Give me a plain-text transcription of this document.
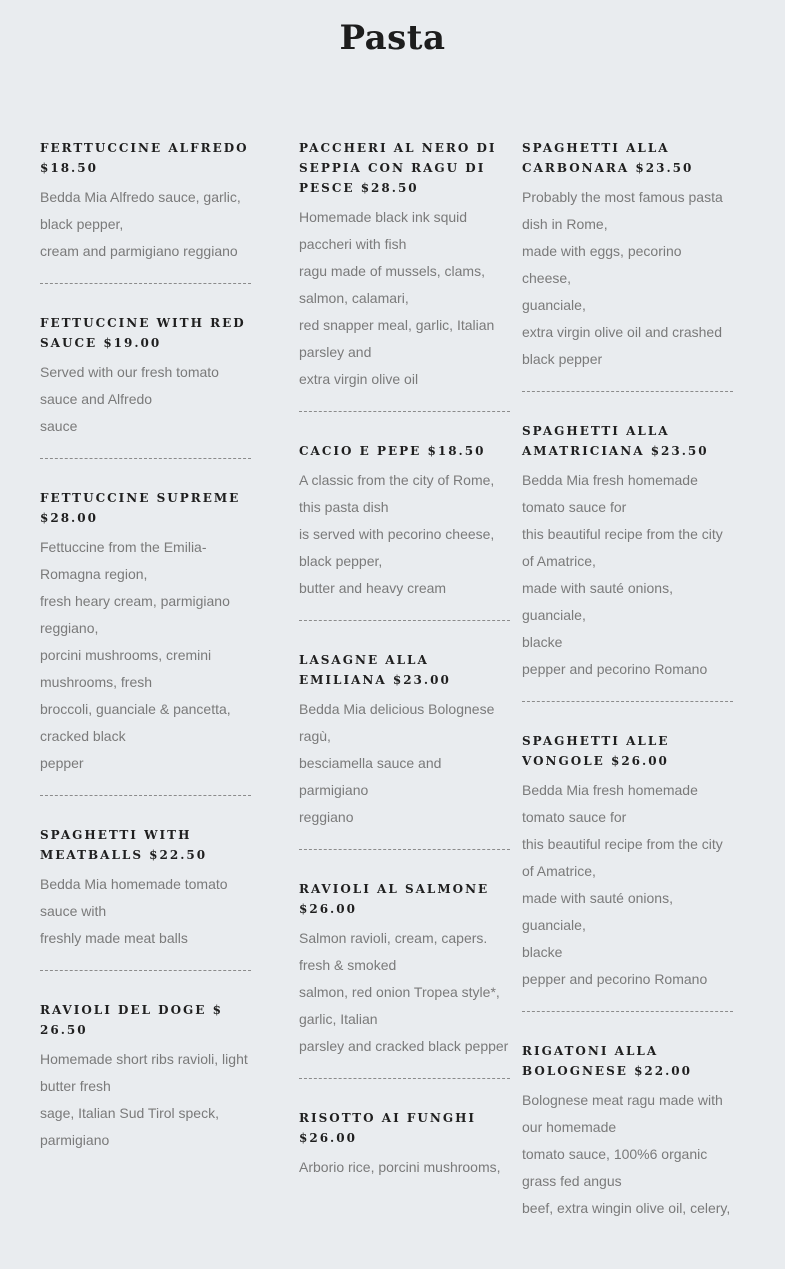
Pasta
FERTTUCCINE ALFREDO $18.50
Bedda Mia Alfredo sauce, garlic,
black pepper,
cream and parmigiano reggiano
FETTUCCINE WITH RED SAUCE $19.00
Served with our fresh tomato
sauce and Alfredo
sauce
FETTUCCINE SUPREME $28.00
Fettuccine from the Emilia-
Romagna region,
fresh heary cream, parmigiano
reggiano,
porcini mushrooms, cremini
mushrooms, fresh
broccoli, guanciale & pancetta,
cracked black
pepper
SPAGHETTI WITH MEATBALLS $22.50
Bedda Mia homemade tomato
sauce with
freshly made meat balls
RAVIOLI DEL DOGE $ 26.50
Homemade short ribs ravioli, light
butter fresh
sage, Italian Sud Tirol speck,
parmigiano
PACCHERI AL NERO DI SEPPIA CON RAGU DI PESCE $28.50
Homemade black ink squid
paccheri with fish
ragu made of mussels, clams,
salmon, calamari,
red snapper meal, garlic, Italian
parsley and
extra virgin olive oil
CACIO E PEPE $18.50
A classic from the city of Rome,
this pasta dish
is served with pecorino cheese,
black pepper,
butter and heavy cream
LASAGNE ALLA EMILIANA $23.00
Bedda Mia delicious Bolognese
ragù,
besciamella sauce and parmigiano
reggiano
RAVIOLI AL SALMONE $26.00
Salmon ravioli, cream, capers.
fresh & smoked
salmon, red onion Tropea style*,
garlic, Italian
parsley and cracked black pepper
RISOTTO AI FUNGHI $26.00
Arborio rice, porcini mushrooms,
SPAGHETTI ALLA CARBONARA $23.50
Probably the most famous pasta
dish in Rome,
made with eggs, pecorino cheese,
guanciale,
extra virgin olive oil and crashed
black pepper
SPAGHETTI ALLA AMATRICIANA $23.50
Bedda Mia fresh homemade
tomato sauce for
this beautiful recipe from the city
of Amatrice,
made with sauté onions, guanciale,
blacke
pepper and pecorino Romano
SPAGHETTI ALLE VONGOLE $26.00
Bedda Mia fresh homemade
tomato sauce for
this beautiful recipe from the city
of Amatrice,
made with sauté onions, guanciale,
blacke
pepper and pecorino Romano
RIGATONI ALLA BOLOGNESE $22.00
Bolognese meat ragu made with
our homemade
tomato sauce, 100%6 organic
grass fed angus
beef, extra wingin olive oil, celery,
